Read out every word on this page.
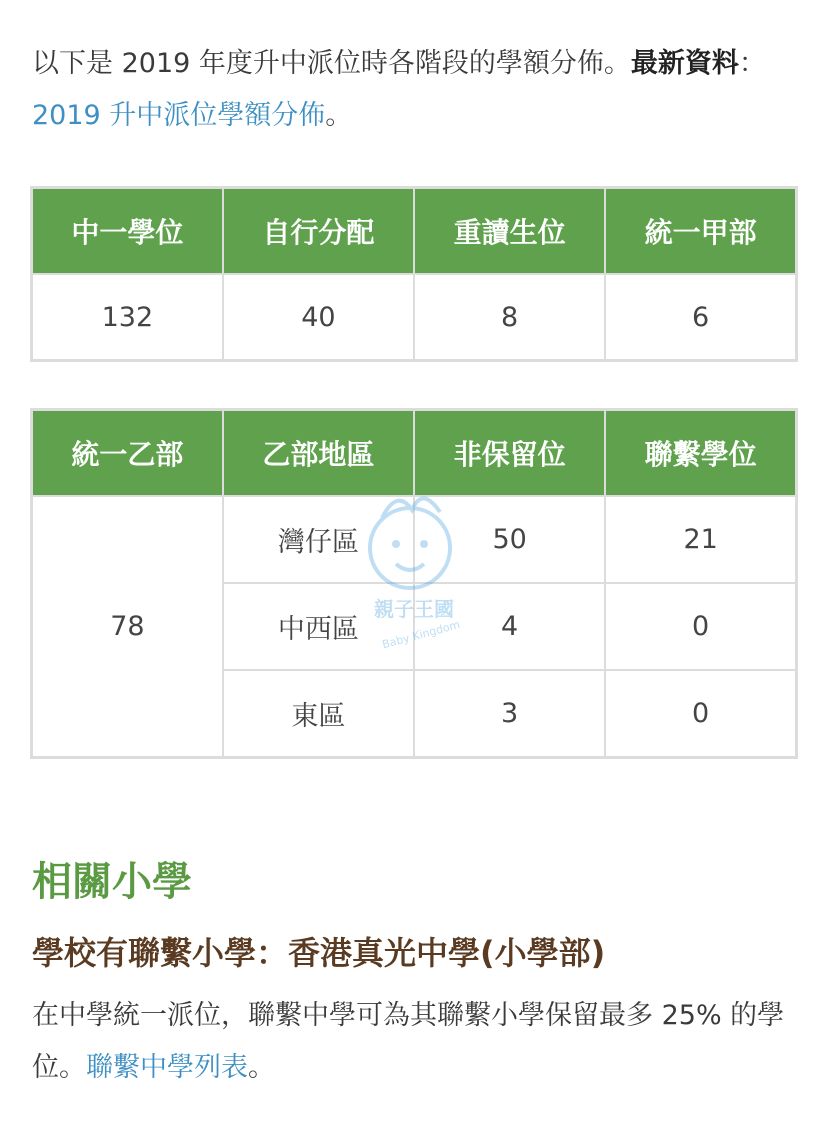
以下是 2019 年度升中派位時各階段的學額分佈。最新資料：2019 升中派位學額分佈。
中一學位	自行分配	重讀生位	統一甲部
132	40	8	6
統一乙部	乙部地區	非保留位	聯繫學位
78	灣仔區	50	21
	中西區	4	0
	東區	3	0
親子王國
Baby Kingdom
相關小學
學校有聯繫小學：香港真光中學(小學部)
在中學統一派位，聯繫中學可為其聯繫小學保留最多 25% 的學位。聯繫中學列表。
